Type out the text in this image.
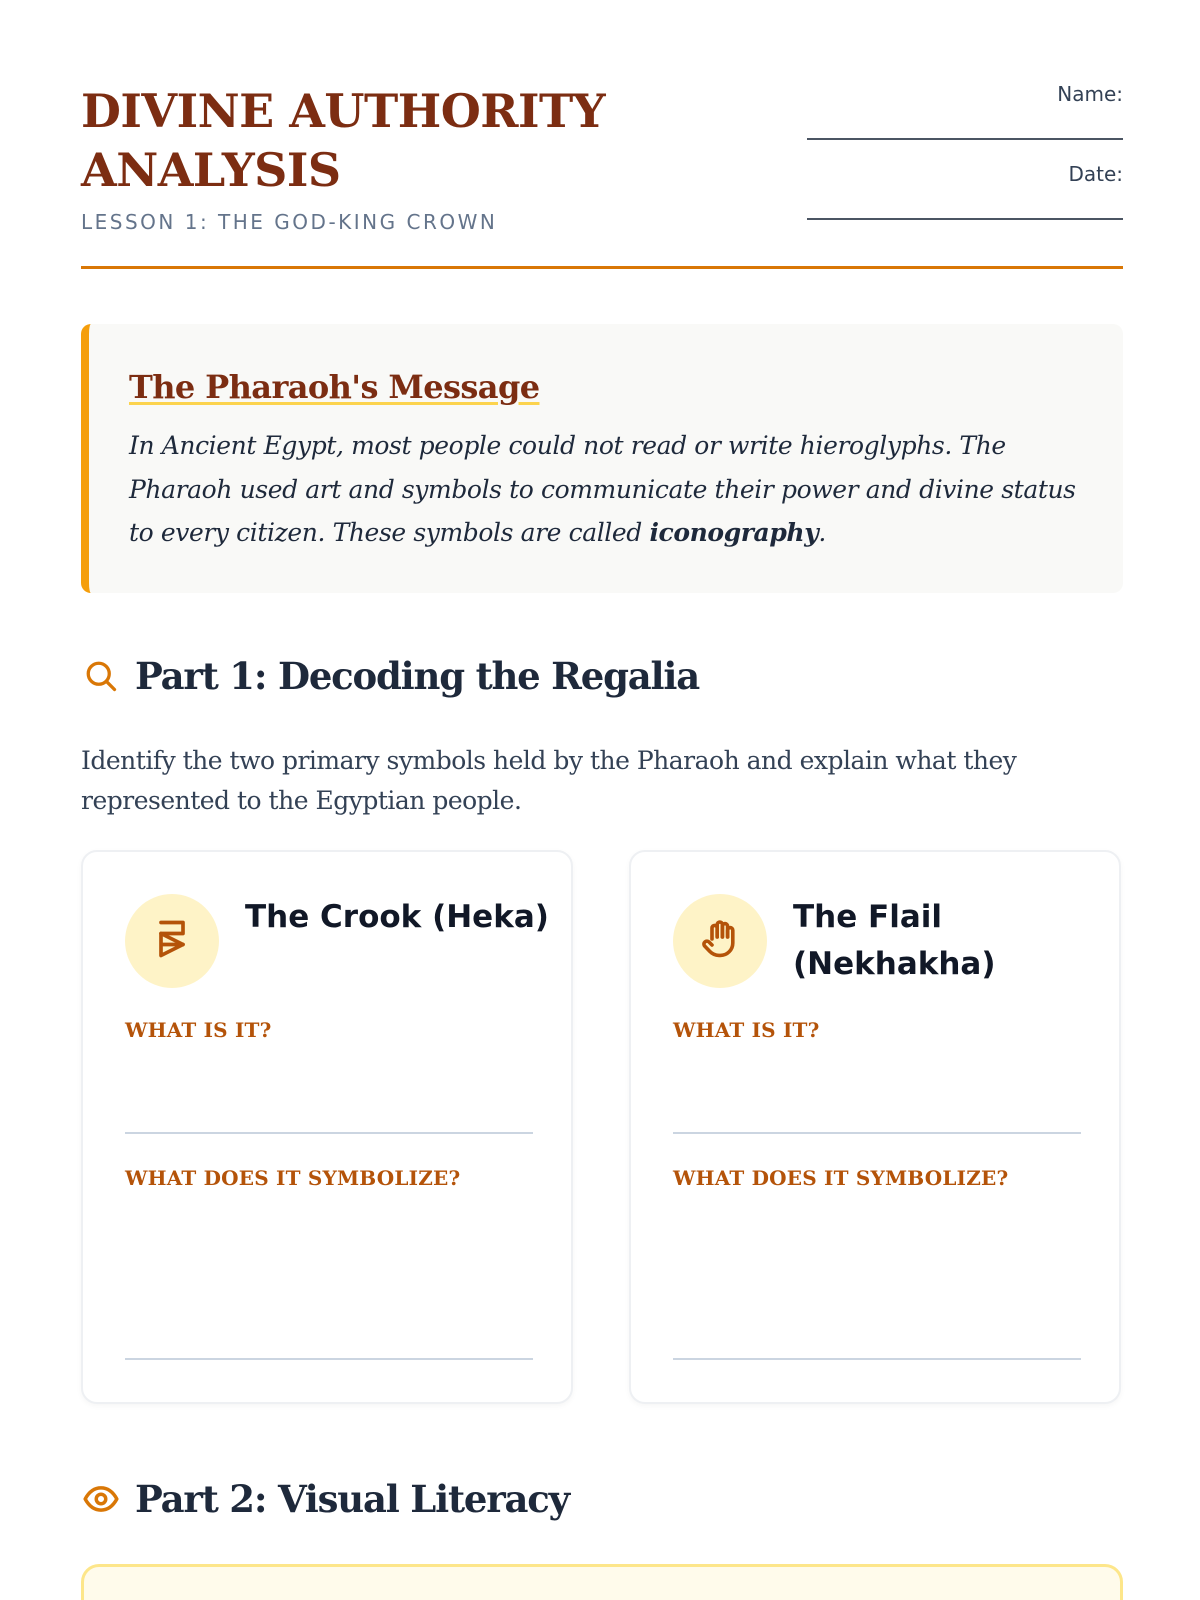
DIVINE AUTHORITY ANALYSIS
LESSON 1: THE GOD-KING CROWN
Name:
Date:
The Pharaoh's Message

In Ancient Egypt, most people could not read or write hieroglyphs. The Pharaoh used art and symbols to communicate their power and divine status to every citizen. These symbols are called iconography.

Part 1: Decoding the Regalia
Identify the two primary symbols held by the Pharaoh and explain what they represented to the Egyptian people.
The Crook (Heka)
WHAT IS IT?
WHAT DOES IT SYMBOLIZE?
The Flail (Nekhakha)
WHAT IS IT?
WHAT DOES IT SYMBOLIZE?
Part 2: Visual Literacy
